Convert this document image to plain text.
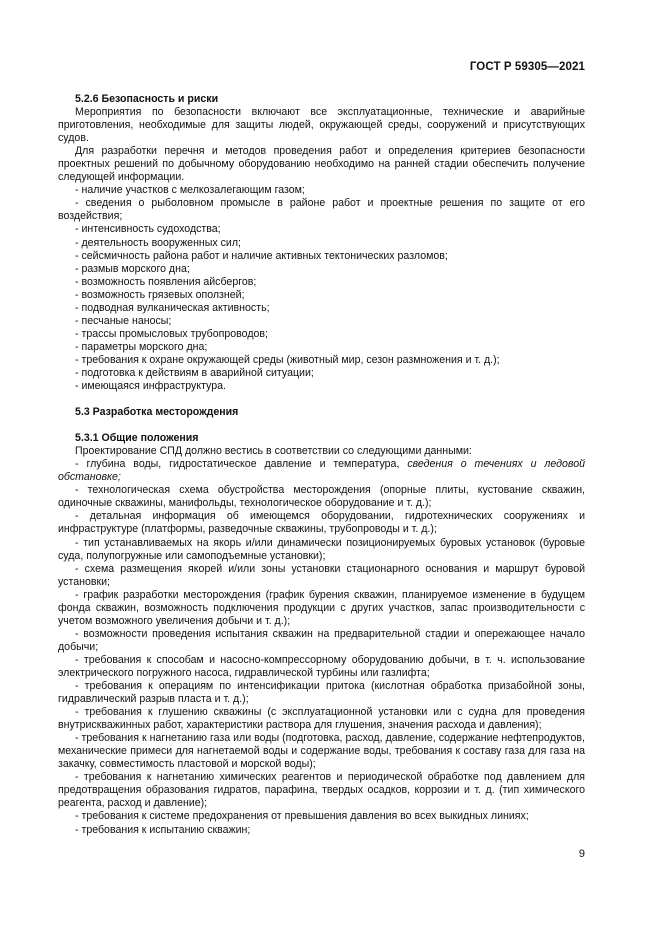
ГОСТ Р 59305—2021

5.2.6 Безопасность и риски

Мероприятия по безопасности включают все эксплуатационные, технические и аварийные приготовления, необходимые для защиты людей, окружающей среды, сооружений и присутствующих судов.

Для разработки перечня и методов проведения работ и определения критериев безопасности проектных решений по добычному оборудованию необходимо на ранней стадии обеспечить получение следующей информации.

- наличие участков с мелкозалегающим газом;

- сведения о рыболовном промысле в районе работ и проектные решения по защите от его воздействия;

- интенсивность судоходства;

- деятельность вооруженных сил;

- сейсмичность района работ и наличие активных тектонических разломов;

- размыв морского дна;

- возможность появления айсбергов;

- возможность грязевых оползней;

- подводная вулканическая активность;

- песчаные наносы;

- трассы промысловых трубопроводов;

- параметры морского дна;

- требования к охране окружающей среды (животный мир, сезон размножения и т. д.);

- подготовка к действиям в аварийной ситуации;

- имеющаяся инфраструктура.

5.3 Разработка месторождения

5.3.1 Общие положения

Проектирование СПД должно вестись в соответствии со следующими данными:

- глубина воды, гидростатическое давление и температура, сведения о течениях и ледовой обстановке;

- технологическая схема обустройства месторождения (опорные плиты, кустование скважин, одиночные скважины, манифольды, технологическое оборудование и т. д.);

- детальная информация об имеющемся оборудовании, гидротехнических сооружениях и инфраструктуре (платформы, разведочные скважины, трубопроводы и т. д.);

- тип устанавливаемых на якорь и/или динамически позиционируемых буровых установок (буровые суда, полупогружные или самоподъемные установки);

- схема размещения якорей и/или зоны установки стационарного основания и маршрут буровой установки;

- график разработки месторождения (график бурения скважин, планируемое изменение в будущем фонда скважин, возможность подключения продукции с других участков, запас производительности с учетом возможного увеличения добычи и т. д.);

- возможности проведения испытания скважин на предварительной стадии и опережающее начало добычи;

- требования к способам и насосно-компрессорному оборудованию добычи, в т. ч. использование электрического погружного насоса, гидравлической турбины или газлифта;

- требования к операциям по интенсификации притока (кислотная обработка призабойной зоны, гидравлический разрыв пласта и т. д.);

- требования к глушению скважины (с эксплуатационной установки или с судна для проведения внутрискважинных работ, характеристики раствора для глушения, значения расхода и давления);

- требования к нагнетанию газа или воды (подготовка, расход, давление, содержание нефтепродуктов, механические примеси для нагнетаемой воды и содержание воды, требования к составу газа для газа на закачку, совместимость пластовой и морской воды);

- требования к нагнетанию химических реагентов и периодической обработке под давлением для предотвращения образования гидратов, парафина, твердых осадков, коррозии и т. д. (тип химического реагента, расход и давление);

- требования к системе предохранения от превышения давления во всех выкидных линиях;

- требования к испытанию скважин;

9
